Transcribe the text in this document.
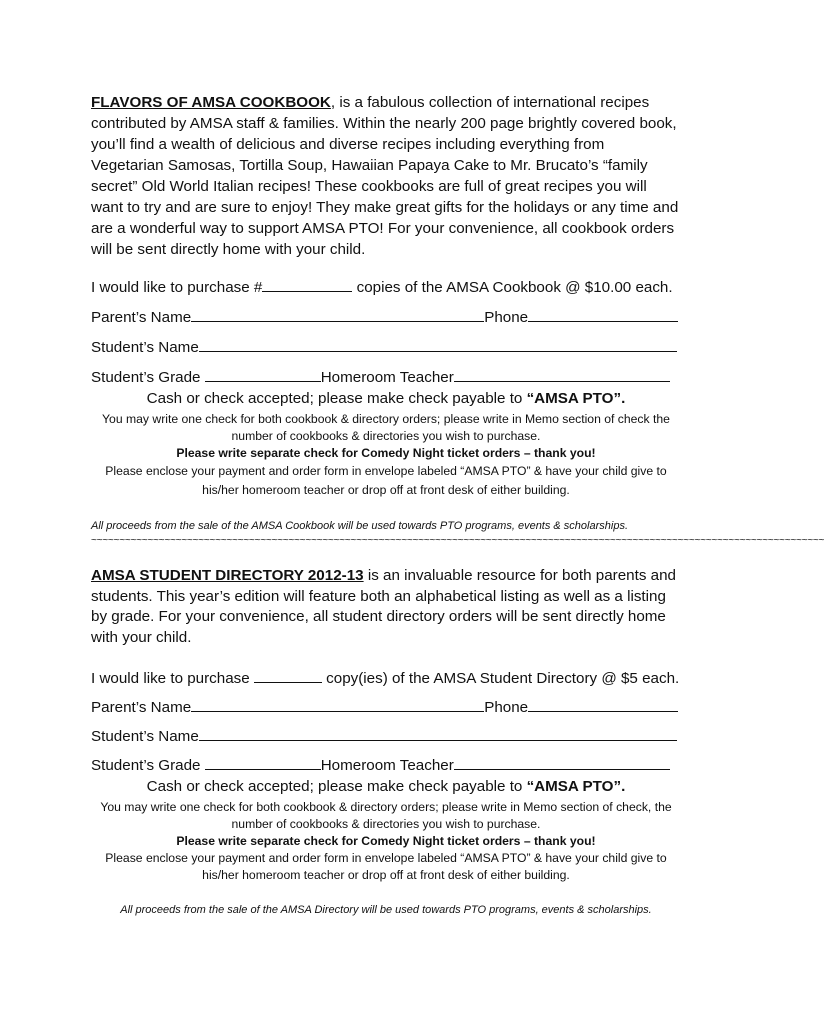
FLAVORS OF AMSA COOKBOOK, is a fabulous collection of international recipes contributed by AMSA staff & families. Within the nearly 200 page brightly covered book, you’ll find a wealth of delicious and diverse recipes including everything from Vegetarian Samosas, Tortilla Soup, Hawaiian Papaya Cake to Mr. Brucato’s “family secret” Old World Italian recipes! These cookbooks are full of great recipes you will want to try and are sure to enjoy! They make great gifts for the holidays or any time and are a wonderful way to support AMSA PTO! For your convenience, all cookbook orders will be sent directly home with your child.

I would like to purchase #	copies of the AMSA Cookbook @ $10.00 each.

Parent’s Name	Phone

Student’s Name

Student’s Grade	Homeroom Teacher

Cash or check accepted; please make check payable to “AMSA PTO”.

You may write one check for both cookbook & directory orders; please write in Memo section of check the number of cookbooks & directories you wish to purchase.

Please write separate check for Comedy Night ticket orders – thank you!

Please enclose your payment and order form in envelope labeled “AMSA PTO” & have your child give to his/her homeroom teacher or drop off at front desk of either building.

All proceeds from the sale of the AMSA Cookbook will be used towards PTO programs, events & scholarships.

~~~~~~~~~~~~~~~~~~~~~~~~~~~~~~~~~~~~~~~~~~~~~~~~~~~~~~~~~~~~~~~~~~~~~~~~~~~~~~~~~~~~~~~~~~~~~~~~~~~~~~~~~~~~~~~~~~~~~~~~~~~~~~~~~~

AMSA STUDENT DIRECTORY 2012-13 is an invaluable resource for both parents and students. This year’s edition will feature both an alphabetical listing as well as a listing by grade. For your convenience, all student directory orders will be sent directly home with your child.

I would like to purchase	copy(ies) of the AMSA Student Directory @ $5 each.

Parent’s Name	Phone

Student’s Name

Student’s Grade	Homeroom Teacher

Cash or check accepted; please make check payable to “AMSA PTO”.

You may write one check for both cookbook & directory orders; please write in Memo section of check, the number of cookbooks & directories you wish to purchase.

Please write separate check for Comedy Night ticket orders – thank you!

Please enclose your payment and order form in envelope labeled “AMSA PTO” & have your child give to his/her homeroom teacher or drop off at front desk of either building.

All proceeds from the sale of the AMSA Directory will be used towards PTO programs, events & scholarships.
